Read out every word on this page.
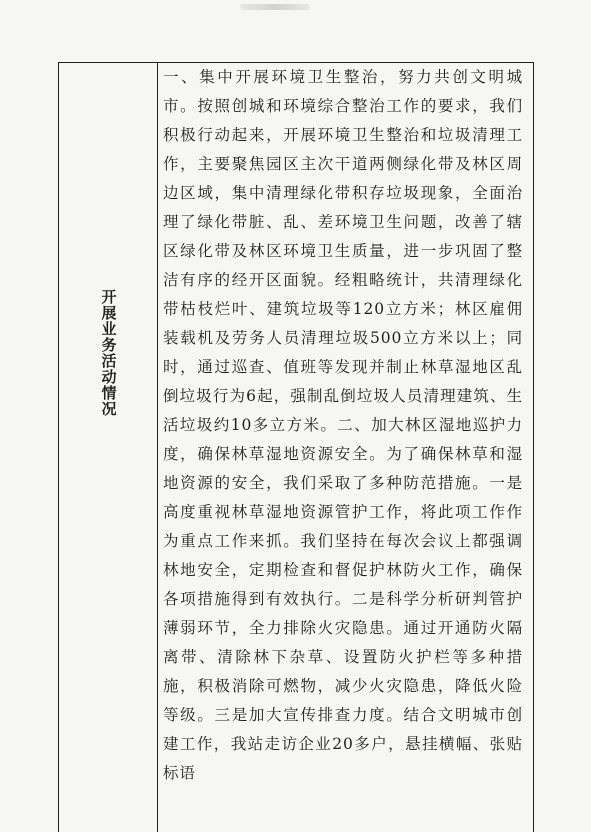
开展业务活动情况

一、集中开展环境卫生整治，努力共创文明城市。按照创城和环境综合整治工作的要求，我们积极行动起来，开展环境卫生整治和垃圾清理工作，主要聚焦园区主次干道两侧绿化带及林区周边区域，集中清理绿化带积存垃圾现象，全面治理了绿化带脏、乱、差环境卫生问题，改善了辖区绿化带及林区环境卫生质量，进一步巩固了整洁有序的经开区面貌。经粗略统计，共清理绿化带枯枝烂叶、建筑垃圾等120立方米；林区雇佣装载机及劳务人员清理垃圾500立方米以上；同时，通过巡查、值班等发现并制止林草湿地区乱倒垃圾行为6起，强制乱倒垃圾人员清理建筑、生活垃圾约10多立方米。二、加大林区湿地巡护力度，确保林草湿地资源安全。为了确保林草和湿地资源的安全，我们采取了多种防范措施。一是高度重视林草湿地资源管护工作，将此项工作作为重点工作来抓。我们坚持在每次会议上都强调林地安全，定期检查和督促护林防火工作，确保各项措施得到有效执行。二是科学分析研判管护薄弱环节，全力排除火灾隐患。通过开通防火隔离带、清除林下杂草、设置防火护栏等多种措施，积极消除可燃物，减少火灾隐患，降低火险等级。三是加大宣传排查力度。结合文明城市创建工作，我站走访企业20多户，悬挂横幅、张贴标语
